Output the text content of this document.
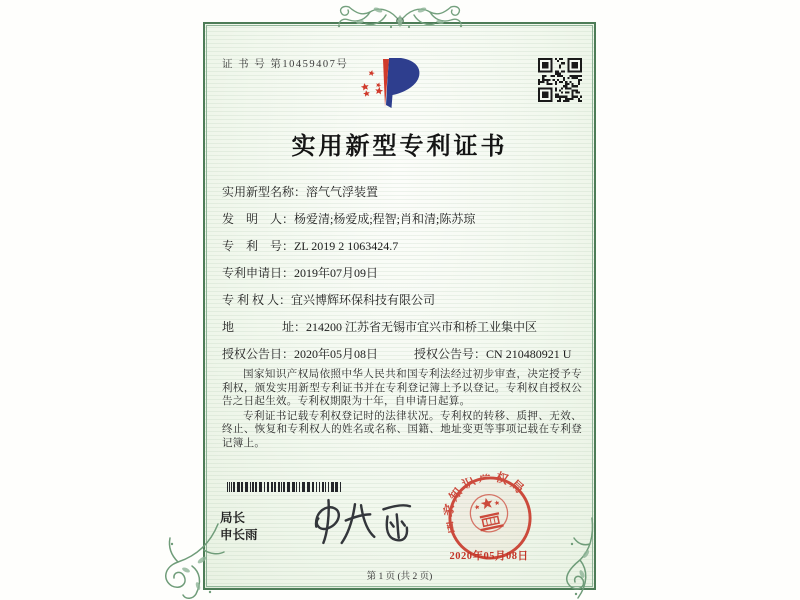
证 书 号 第10459407号
实用新型专利证书
实用新型名称：溶气气浮装置
发　明　人：杨爱清;杨爱成;程智;肖和清;陈苏琼
专　利　号：ZL 2019 2 1063424.7
专利申请日：2019年07月09日
专 利 权 人：宜兴博辉环保科技有限公司
地　　　　址：214200 江苏省无锡市宜兴市和桥工业集中区
授权公告日：2020年05月08日	授权公告号：CN 210480921 U

国家知识产权局依照中华人民共和国专利法经过初步审查，决定授予专利权，颁发实用新型专利证书并在专利登记簿上予以登记。专利权自授权公告之日起生效。专利权期限为十年，自申请日起算。

专利证书记载专利权登记时的法律状况。专利权的转移、质押、无效、终止、恢复和专利权人的姓名或名称、国籍、地址变更等事项记载在专利登记簿上。

局长
申长雨
国家知识产权局
2020年05月08日
第 1 页 (共 2 页)
